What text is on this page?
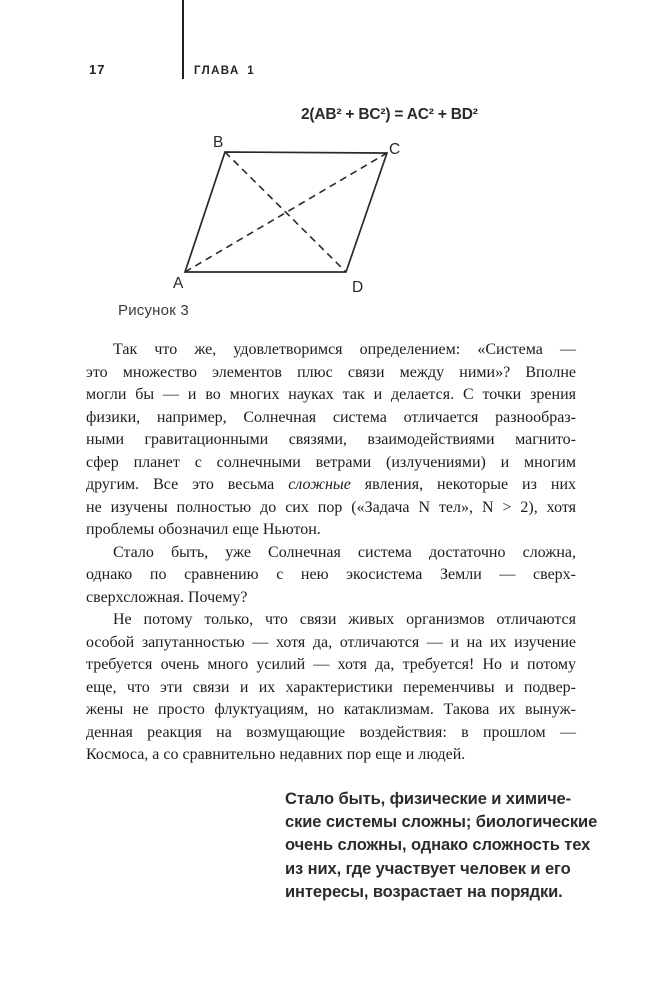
17	ГЛАВА 1
2(AB² + BC²) = AC² + BD²
B	C
A	D
Рисунок 3
Так что же, удовлетворимся определением: «Система —
это множество элементов плюс связи между ними»? Вполне
могли бы — и во многих науках так и делается. С точки зрения
физики, например, Солнечная система отличается разнообраз-
ными гравитационными связями, взаимодействиями магнито-
сфер планет с солнечными ветрами (излучениями) и многим
другим. Все это весьма сложные явления, некоторые из них
не изучены полностью до сих пор («Задача N тел», N > 2), хотя
проблемы обозначил еще Ньютон.
Стало быть, уже Солнечная система достаточно сложна,
однако по сравнению с нею экосистема Земли — сверх-
сверхсложная. Почему?
Не потому только, что связи живых организмов отличаются
особой запутанностью — хотя да, отличаются — и на их изучение
требуется очень много усилий — хотя да, требуется! Но и потому
еще, что эти связи и их характеристики переменчивы и подвер-
жены не просто флуктуациям, но катаклизмам. Такова их вынуж-
денная реакция на возмущающие воздействия: в прошлом —
Космоса, а со сравнительно недавних пор еще и людей.
Стало быть, физические и химиче-
ские системы сложны; биологические
очень сложны, однако сложность тех
из них, где участвует человек и его
интересы, возрастает на порядки.
